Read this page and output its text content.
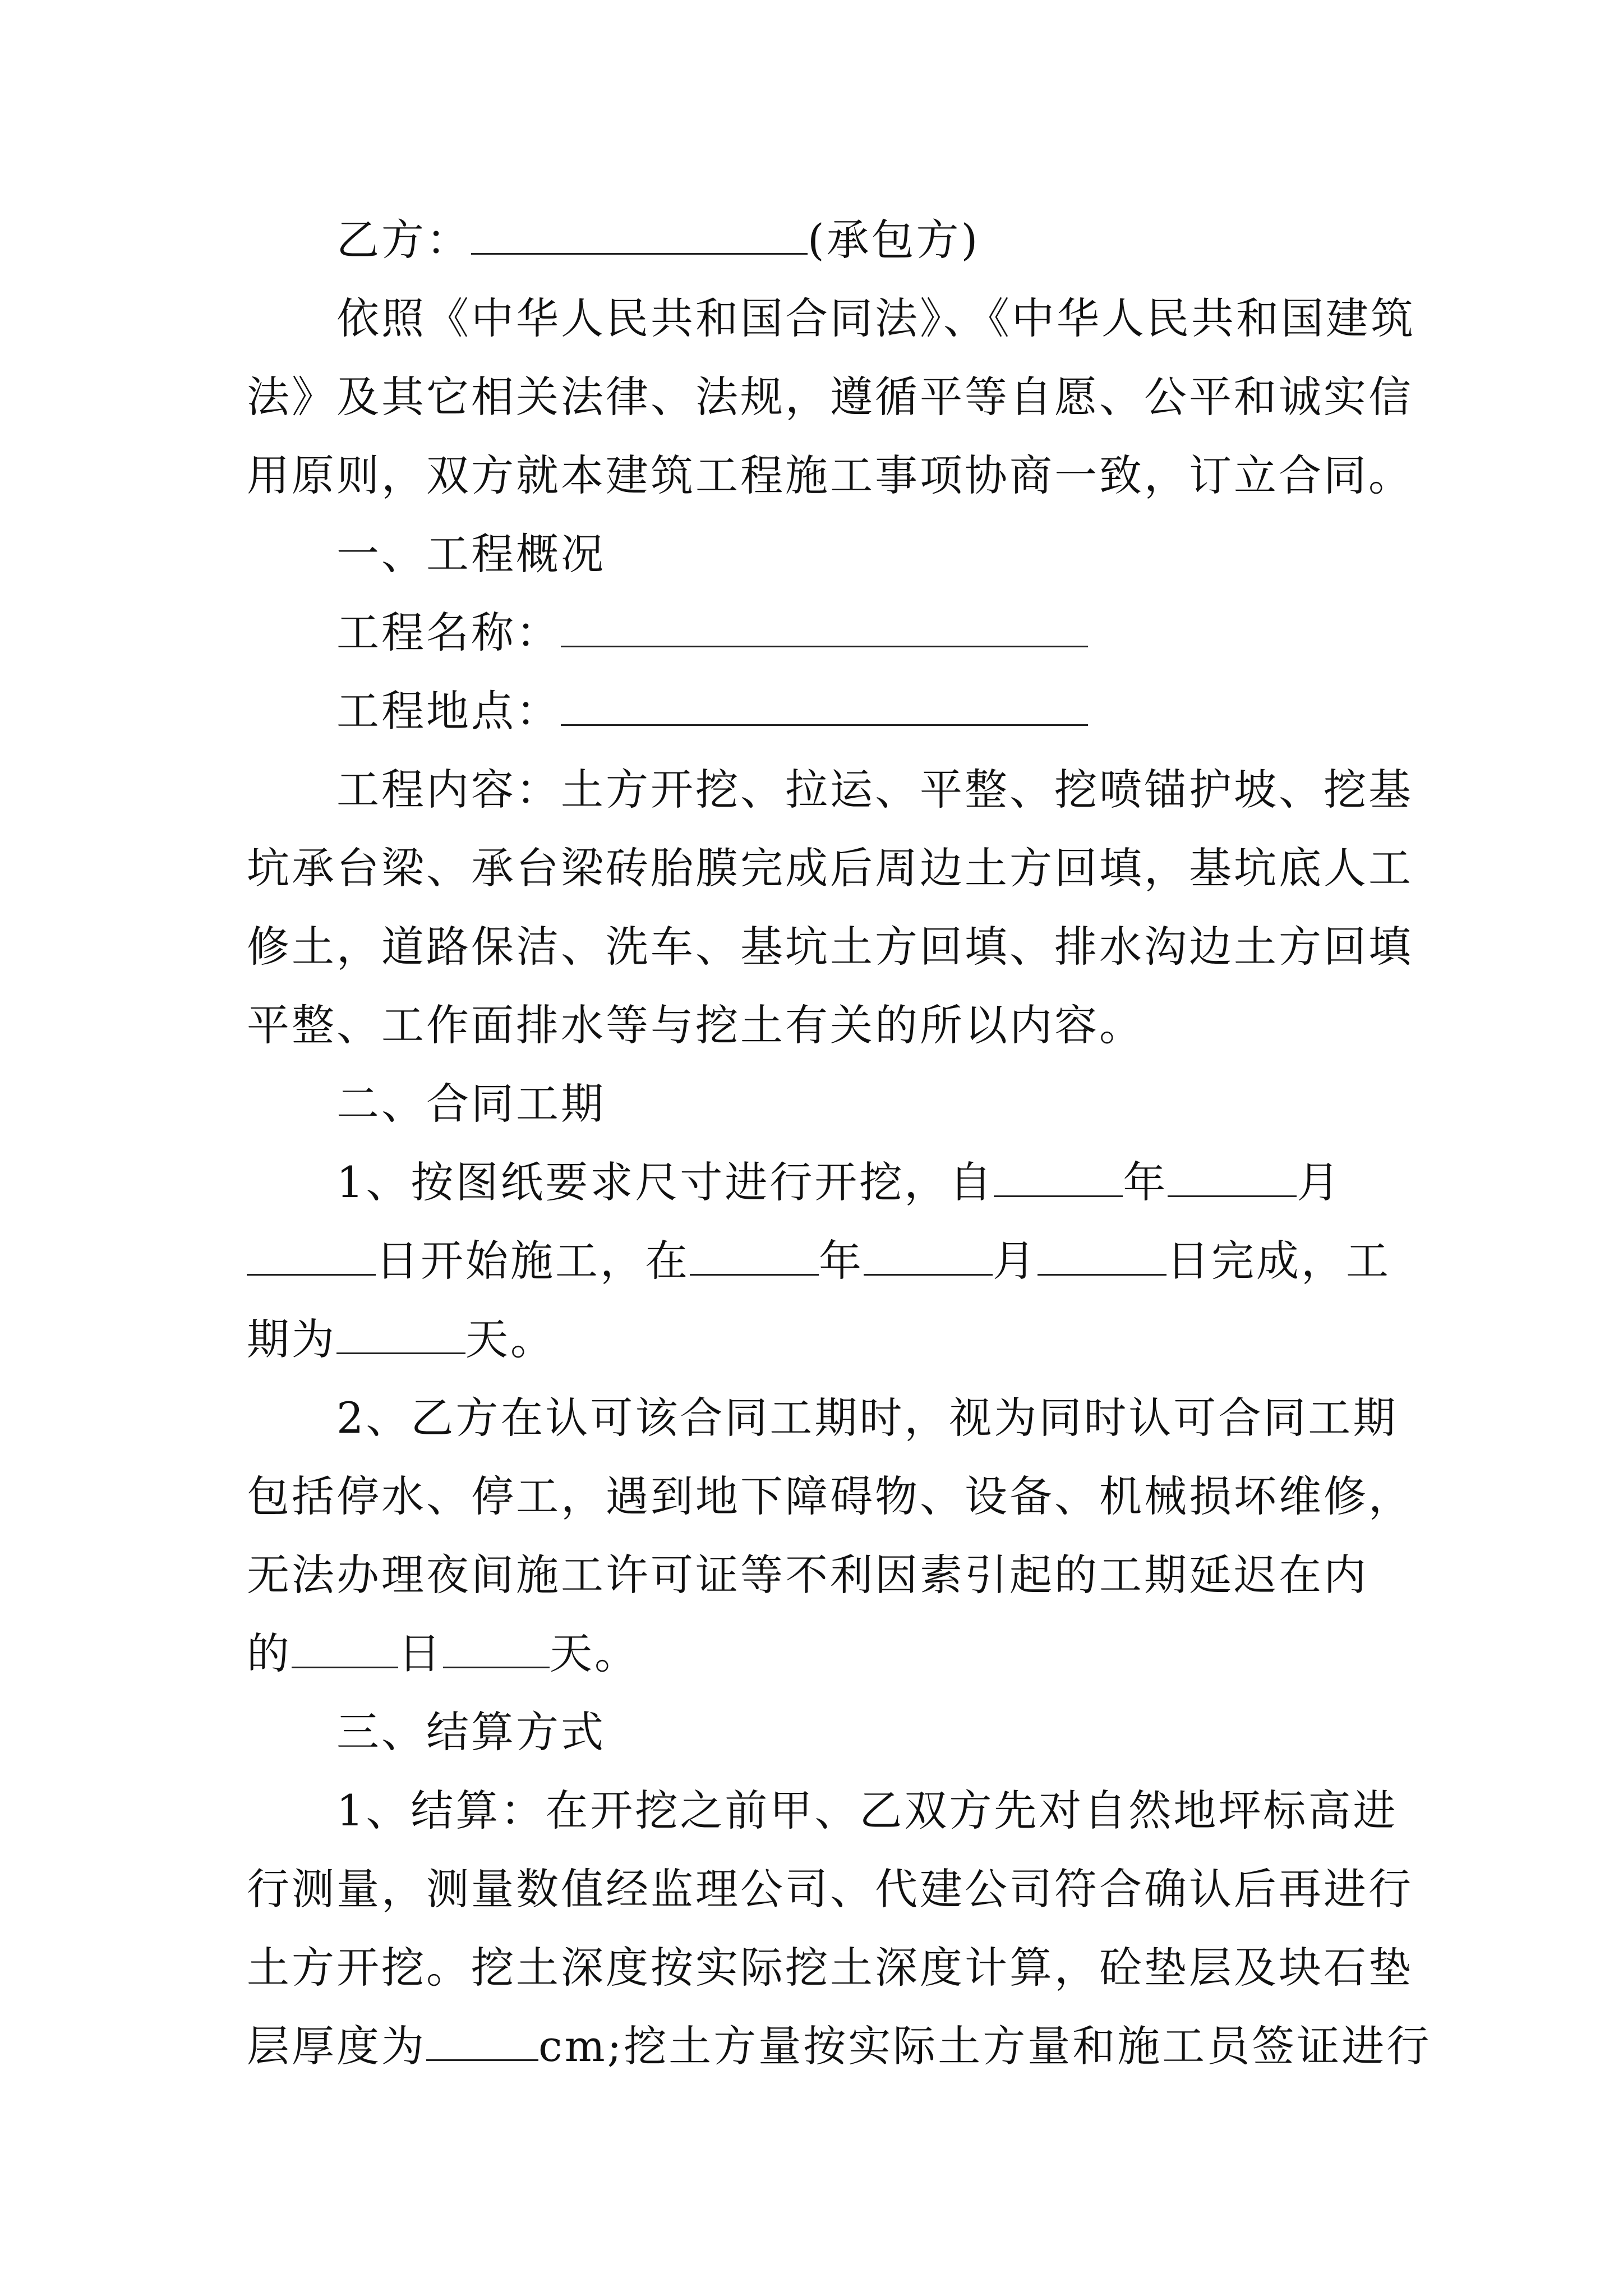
乙方：	(承包方)
依照《中华人民共和国合同法》、《中华人民共和国建筑
法》及其它相关法律、法规，遵循平等自愿、公平和诚实信
用原则，双方就本建筑工程施工事项协商一致，订立合同。
一、工程概况
工程名称：
工程地点：
工程内容：土方开挖、拉运、平整、挖喷锚护坡、挖基
坑承台梁、承台梁砖胎膜完成后周边土方回填，基坑底人工
修土，道路保洁、洗车、基坑土方回填、排水沟边土方回填
平整、工作面排水等与挖土有关的所以内容。
二、合同工期
1、按图纸要求尺寸进行开挖，自	年	月
日开始施工，在	年	月	日完成，工
期为	天。
2、乙方在认可该合同工期时，视为同时认可合同工期
包括停水、停工，遇到地下障碍物、设备、机械损坏维修，
无法办理夜间施工许可证等不利因素引起的工期延迟在内
的	日	天。
三、结算方式
1、结算：在开挖之前甲、乙双方先对自然地坪标高进
行测量，测量数值经监理公司、代建公司符合确认后再进行
土方开挖。挖土深度按实际挖土深度计算，砼垫层及块石垫
层厚度为	cm;挖土方量按实际土方量和施工员签证进行
